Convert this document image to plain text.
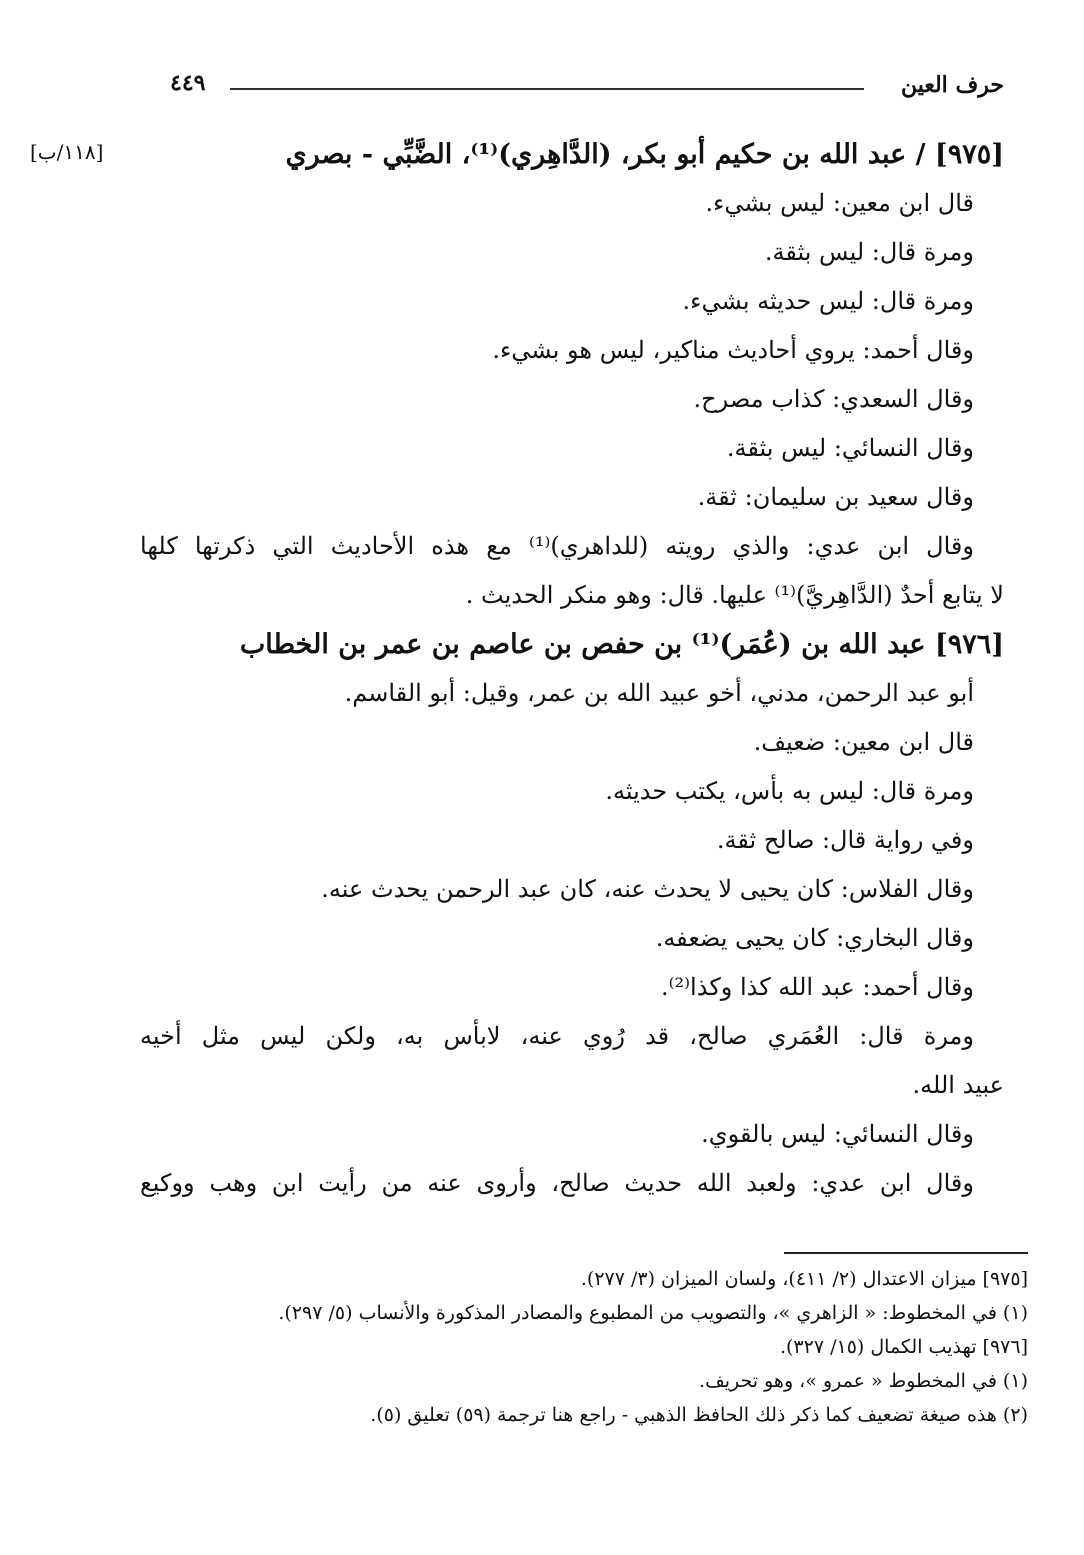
حرف العين
٤٤٩
[١١٨/ب]	[٩٧٥] / عبد الله بن حكيم أبو بكر، (الدَّاهِري)⁽¹⁾، الضَّبِّي - بصري
قال ابن معين: ليس بشيء.
ومرة قال: ليس بثقة.
ومرة قال: ليس حديثه بشيء.
وقال أحمد: يروي أحاديث مناكير، ليس هو بشيء.
وقال السعدي: كذاب مصرح.
وقال النسائي: ليس بثقة.
وقال سعيد بن سليمان: ثقة.
وقال ابن عدي: والذي رويته (للداهري)⁽¹⁾ مع هذه الأحاديث التي ذكرتها كلها
لا يتابع أحدٌ (الدَّاهِريَّ)⁽¹⁾ عليها. قال: وهو منكر الحديث .
[٩٧٦] عبد الله بن (عُمَر)⁽¹⁾ بن حفص بن عاصم بن عمر بن الخطاب
أبو عبد الرحمن، مدني، أخو عبيد الله بن عمر، وقيل: أبو القاسم.
قال ابن معين: ضعيف.
ومرة قال: ليس به بأس، يكتب حديثه.
وفي رواية قال: صالح ثقة.
وقال الفلاس: كان يحيى لا يحدث عنه، كان عبد الرحمن يحدث عنه.
وقال البخاري: كان يحيى يضعفه.
وقال أحمد: عبد الله كذا وكذا⁽²⁾.
ومرة قال: العُمَري صالح، قد رُوي عنه، لابأس به، ولكن ليس مثل أخيه
عبيد الله.
وقال النسائي: ليس بالقوي.
وقال ابن عدي: ولعبد الله حديث صالح، وأروى عنه من رأيت ابن وهب ووكيع
[٩٧٥] ميزان الاعتدال (٢/ ٤١١)، ولسان الميزان (٣/ ٢٧٧).
(١) في المخطوط: « الزاهري »، والتصويب من المطبوع والمصادر المذكورة والأنساب (٥/ ٢٩٧).
[٩٧٦] تهذيب الكمال (١٥/ ٣٢٧).
(١) في المخطوط « عمرو »، وهو تحريف.
(٢) هذه صيغة تضعيف كما ذكر ذلك الحافظ الذهبي - راجع هنا ترجمة (٥٩) تعليق (٥).
